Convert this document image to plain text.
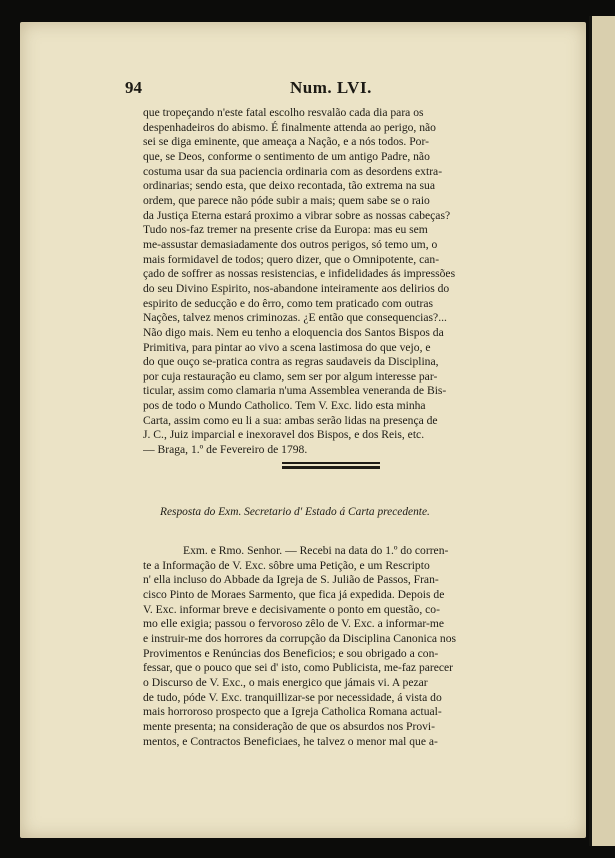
94	Num. LVI.
que tropeçando n'este fatal escolho resvalão cada dia para os
despenhadeiros do abismo. É finalmente attenda ao perigo, não
sei se diga eminente, que ameaça a Nação, e a nós todos. Por-
que, se Deos, conforme o sentimento de um antigo Padre, não
costuma usar da sua paciencia ordinaria com as desordens extra-
ordinarias; sendo esta, que deixo recontada, tão extrema na sua
ordem, que parece não póde subir a mais; quem sabe se o raio
da Justiça Eterna estará proximo a vibrar sobre as nossas cabeças?
Tudo nos-faz tremer na presente crise da Europa: mas eu sem
me-assustar demasiadamente dos outros perigos, só temo um, o
mais formidavel de todos; quero dizer, que o Omnipotente, can-
çado de soffrer as nossas resistencias, e infidelidades ás impressões
do seu Divino Espirito, nos-abandone inteiramente aos delirios do
espirito de seducção e do êrro, como tem praticado com outras
Nações, talvez menos criminozas. ¿E então que consequencias?...
Não digo mais. Nem eu tenho a eloquencia dos Santos Bispos da
Primitiva, para pintar ao vivo a scena lastimosa do que vejo, e
do que ouço se-pratica contra as regras saudaveis da Disciplina,
por cuja restauração eu clamo, sem ser por algum interesse par-
ticular, assim como clamaria n'uma Assemblea veneranda de Bis-
pos de todo o Mundo Catholico. Tem V. Exc. lido esta minha
Carta, assim como eu li a sua: ambas serão lidas na presença de
J. C., Juiz imparcial e inexoravel dos Bispos, e dos Reis, etc.
— Braga, 1.º de Fevereiro de 1798.
Resposta do Exm. Secretario d' Estado á Carta precedente.
Exm. e Rmo. Senhor. — Recebi na data do 1.º do corren-
te a Informação de V. Exc. sôbre uma Petição, e um Rescripto
n' ella incluso do Abbade da Igreja de S. Julião de Passos, Fran-
cisco Pinto de Moraes Sarmento, que fica já expedida. Depois de
V. Exc. informar breve e decisivamente o ponto em questão, co-
mo elle exigia; passou o fervoroso zêlo de V. Exc. a informar-me
e instruir-me dos horrores da corrupção da Disciplina Canonica nos
Provimentos e Renúncias dos Beneficios; e sou obrigado a con-
fessar, que o pouco que sei d' isto, como Publicista, me-faz parecer
o Discurso de V. Exc., o mais energico que jámais vi. A pezar
de tudo, póde V. Exc. tranquillizar-se por necessidade, á vista do
mais horroroso prospecto que a Igreja Catholica Romana actual-
mente presenta; na consideração de que os absurdos nos Provi-
mentos, e Contractos Beneficiaes, he talvez o menor mal que a-
